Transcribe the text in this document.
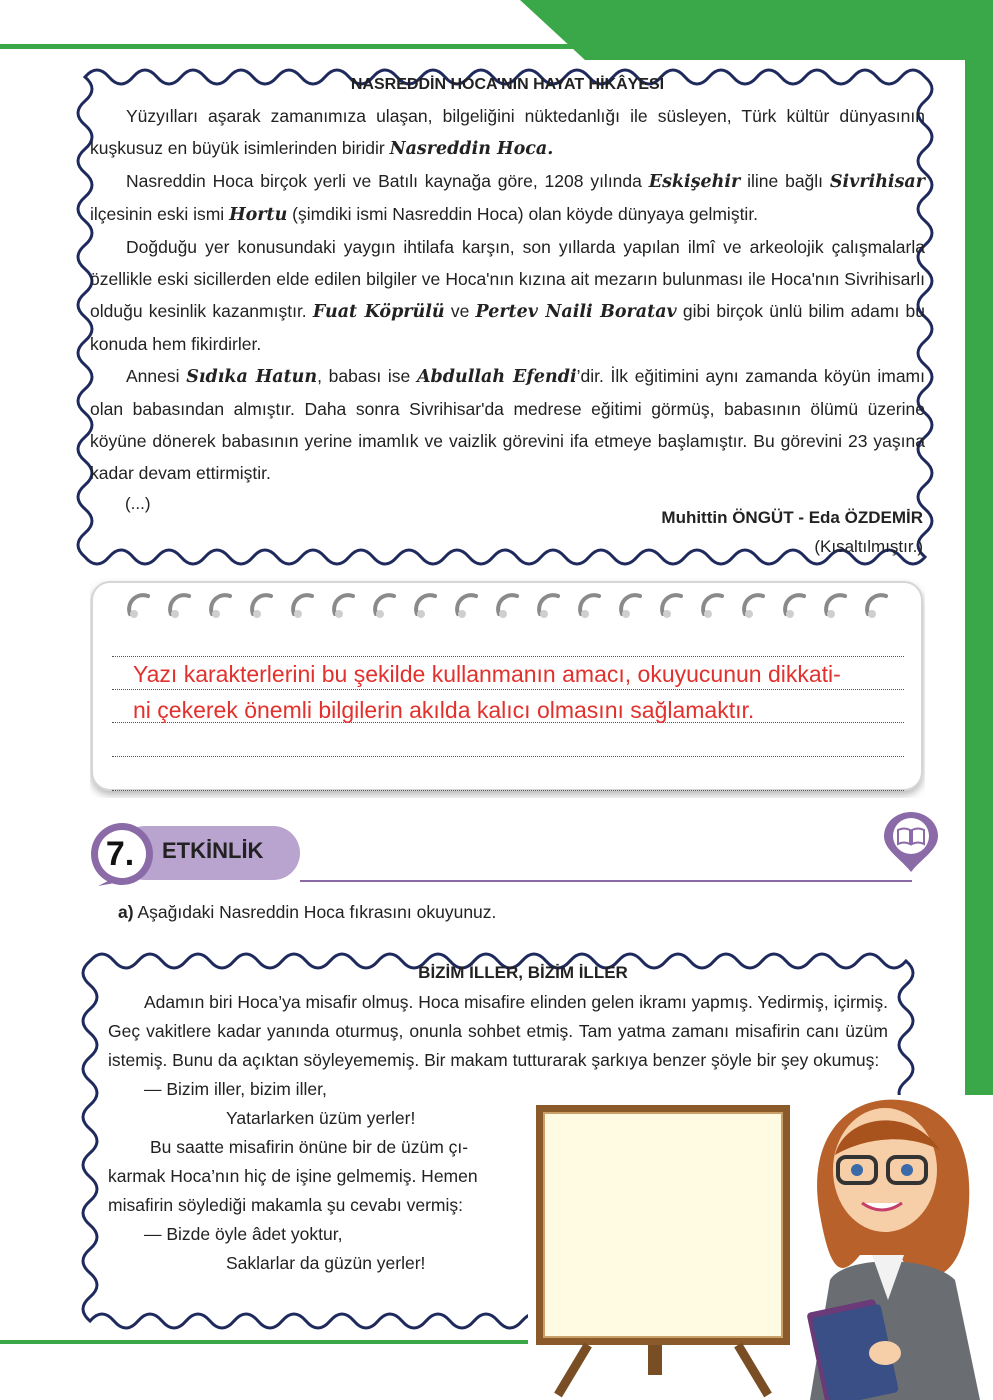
NASREDDİN HOCA’NIN HAYAT HİKÂYESİ

Yüzyılları aşarak zamanımıza ulaşan, bilgeliğini nüktedanlığı ile süsleyen, Türk kültür dünyasının kuşkusuz en büyük isimlerinden biridir Nasreddin Hoca.

Nasreddin Hoca birçok yerli ve Batılı kaynağa göre, 1208 yılında Eskişehir iline bağlı Sivrihisar ilçesinin eski ismi Hortu (şimdiki ismi Nasreddin Hoca) olan köyde dünyaya gelmiştir.

Doğduğu yer konusundaki yaygın ihtilafa karşın, son yıllarda yapılan ilmî ve arkeolojik çalışmalarla özellikle eski sicillerden elde edilen bilgiler ve Hoca'nın kızına ait mezarın bulunması ile Hoca'nın Sivrihisarlı olduğu kesinlik kazanmıştır. Fuat Köprülü ve Pertev Naili Boratav gibi birçok ünlü bilim adamı bu konuda hem fikirdirler.

Annesi Sıdıka Hatun, babası ise Abdullah Efendi’dir. İlk eğitimini aynı zamanda köyün imamı olan babasından almıştır. Daha sonra Sivrihisar'da medrese eğitimi görmüş, babasının ölümü üzerine köyüne dönerek babasının yerine imamlık ve vaizlik görevini ifa etmeye başlamıştır. Bu görevini 23 yaşına kadar devam ettirmiştir.

(...)
Muhittin ÖNGÜT - Eda ÖZDEMİR
(Kısaltılmıştır.)
Yazı karakterlerini bu şekilde kullanmanın amacı, okuyucunun dikkati-
ni çekerek önemli bilgilerin akılda kalıcı olmasını sağlamaktır.
7.	ETKİNLİK
a) Aşağıdaki Nasreddin Hoca fıkrasını okuyunuz.
BİZİM İLLER, BİZİM İLLER

Adamın biri Hoca’ya misafir olmuş. Hoca misafire elinden gelen ikramı yapmış. Yedirmiş, içirmiş. Geç vakitlere kadar yanında oturmuş, onunla sohbet etmiş. Tam yatma zamanı misafirin canı üzüm istemiş. Bunu da açıktan söyleyememiş. Bir makam tutturarak şarkıya benzer şöyle bir şey okumuş:

— Bizim iller, bizim iller,

Yatarlarken üzüm yerler!

Bu saatte misafirin önüne bir de üzüm çı-

karmak Hoca’nın hiç de işine gelmemiş. Hemen

misafirin söylediği makamla şu cevabı vermiş:

— Bizde öyle âdet yoktur,

Saklarlar da güzün yerler!
